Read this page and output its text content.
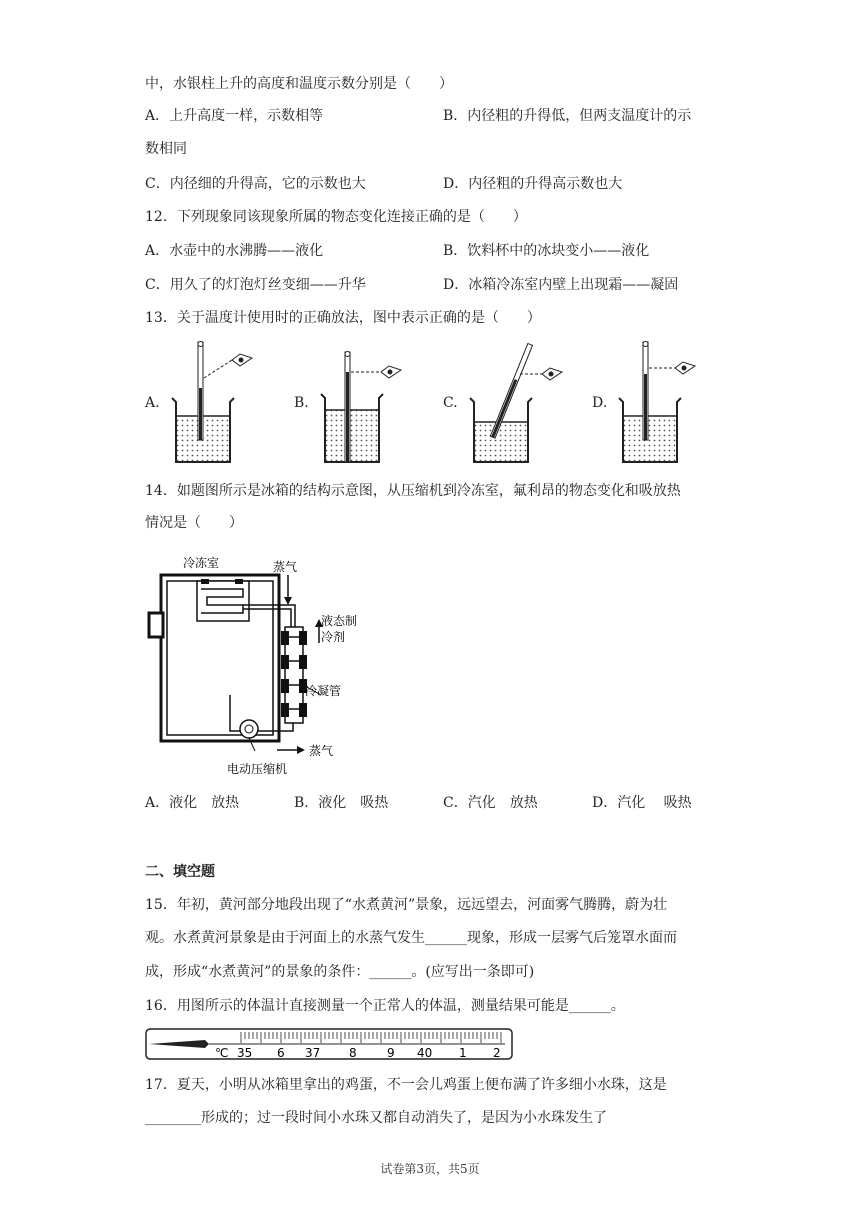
中，水银柱上升的高度和温度示数分别是（　　）
A．上升高度一样，示数相等	B．内径粗的升得低，但两支温度计的示
数相同
C．内径细的升得高，它的示数也大	D．内径粗的升得高示数也大
12．下列现象同该现象所属的物态变化连接正确的是（　　）
A．水壶中的水沸腾——液化	B．饮料杯中的冰块变小——液化
C．用久了的灯泡灯丝变细——升华	D．冰箱冷冻室内壁上出现霜——凝固
13．关于温度计使用时的正确放法，图中表示正确的是（　　）
A.	B.	C.	D.
14．如题图所示是冰箱的结构示意图，从压缩机到冷冻室，氟利昂的物态变化和吸放热
情况是（　　）
冷冻室	蒸气
液态制
冷剂
冷凝管
蒸气
电动压缩机
A．液化　放热	B．液化　吸热	C．汽化　放热	D．汽化　 吸热
二、填空题
15．年初，黄河部分地段出现了“水煮黄河”景象，远远望去，河面雾气腾腾，蔚为壮
观。水煮黄河景象是由于河面上的水蒸气发生______现象，形成一层雾气后笼罩水面而
成，形成“水煮黄河”的景象的条件：______。(应写出一条即可)
16．用图所示的体温计直接测量一个正常人的体温，测量结果可能是______。
℃ 35 6 37 8	9 40 1 2
17．夏天，小明从冰箱里拿出的鸡蛋，不一会儿鸡蛋上便布满了许多细小水珠，这是
________形成的；过一段时间小水珠又都自动消失了，是因为小水珠发生了
试卷第3页，共5页
